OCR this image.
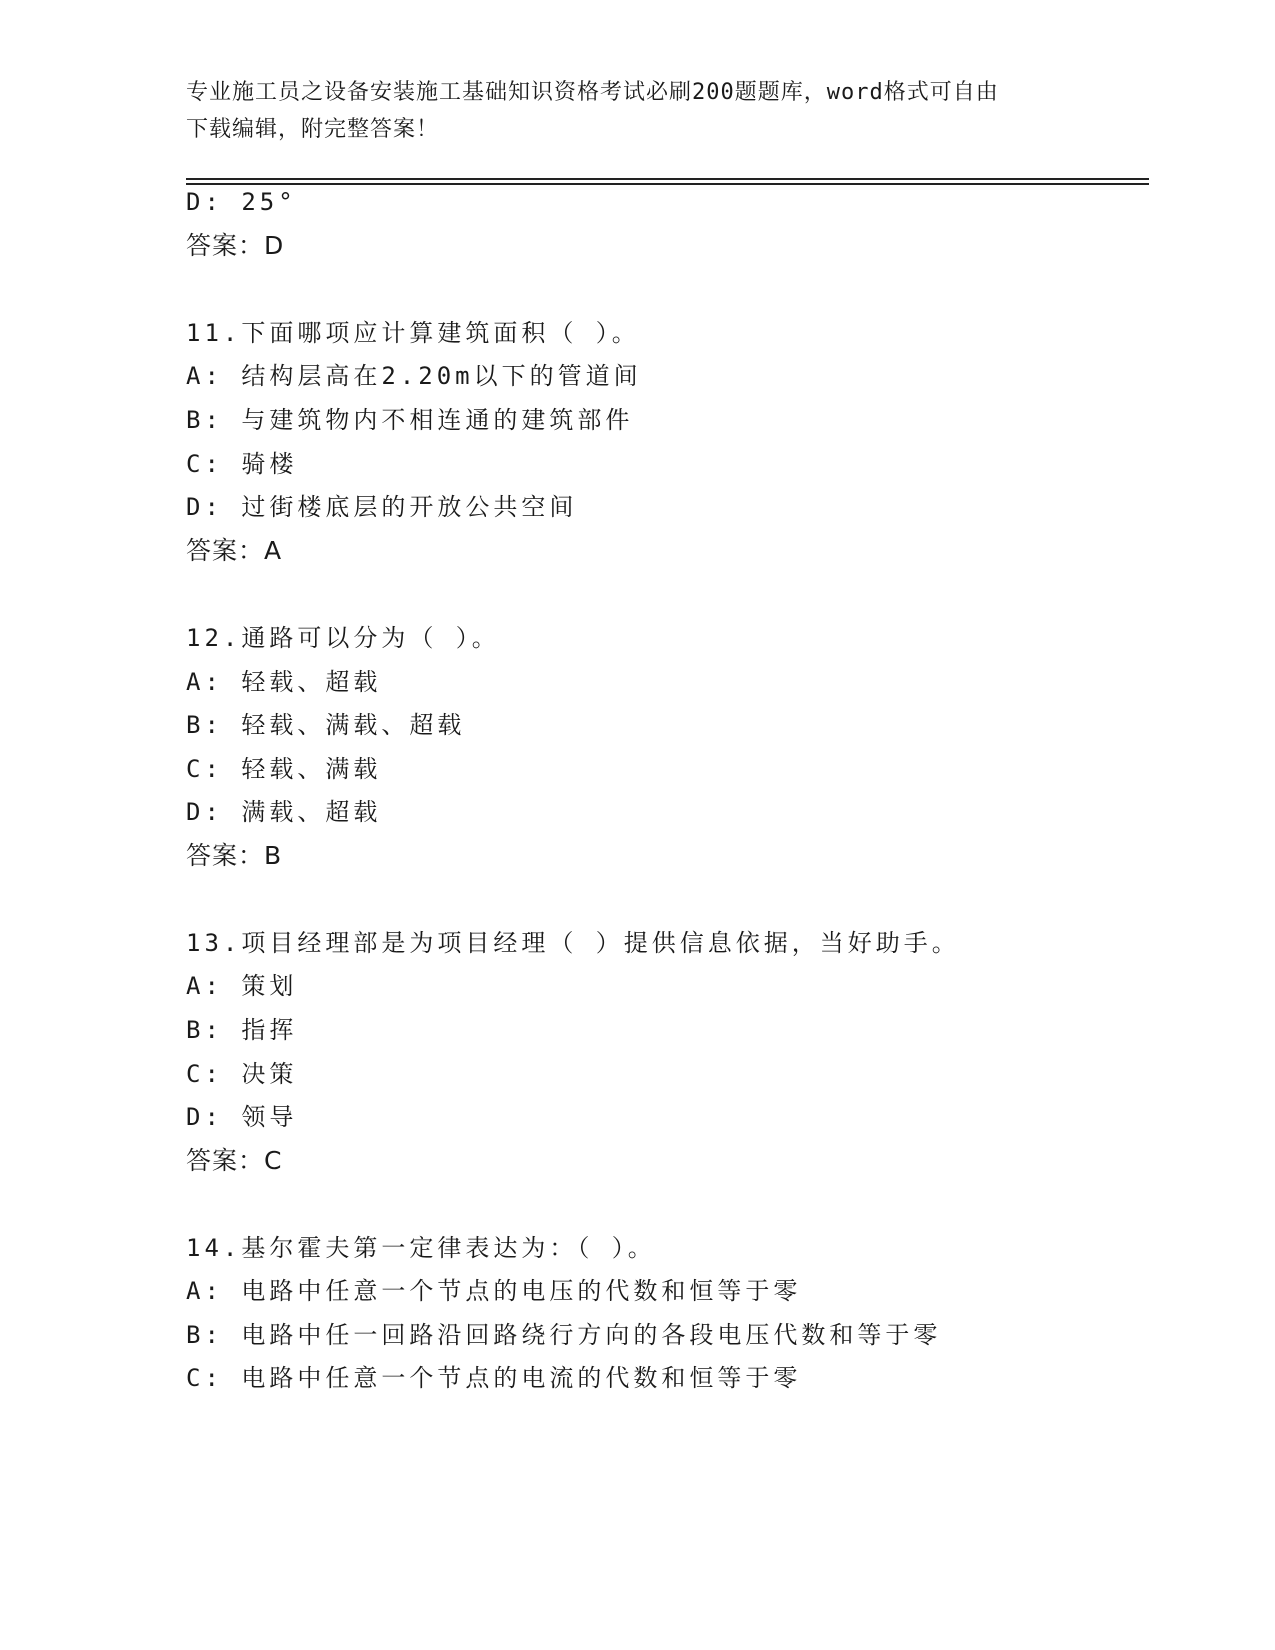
专业施工员之设备安装施工基础知识资格考试必刷200题题库，word格式可自由
下载编辑，附完整答案！
D: 25°
答案：D
11.下面哪项应计算建筑面积（ ）。
A: 结构层高在2.20m以下的管道间
B: 与建筑物内不相连通的建筑部件
C: 骑楼
D: 过街楼底层的开放公共空间
答案：A
12.通路可以分为（ ）。
A: 轻载、超载
B: 轻载、满载、超载
C: 轻载、满载
D: 满载、超载
答案：B
13.项目经理部是为项目经理（ ）提供信息依据，当好助手。
A: 策划
B: 指挥
C: 决策
D: 领导
答案：C
14.基尔霍夫第一定律表达为：（ ）。
A: 电路中任意一个节点的电压的代数和恒等于零
B: 电路中任一回路沿回路绕行方向的各段电压代数和等于零
C: 电路中任意一个节点的电流的代数和恒等于零
